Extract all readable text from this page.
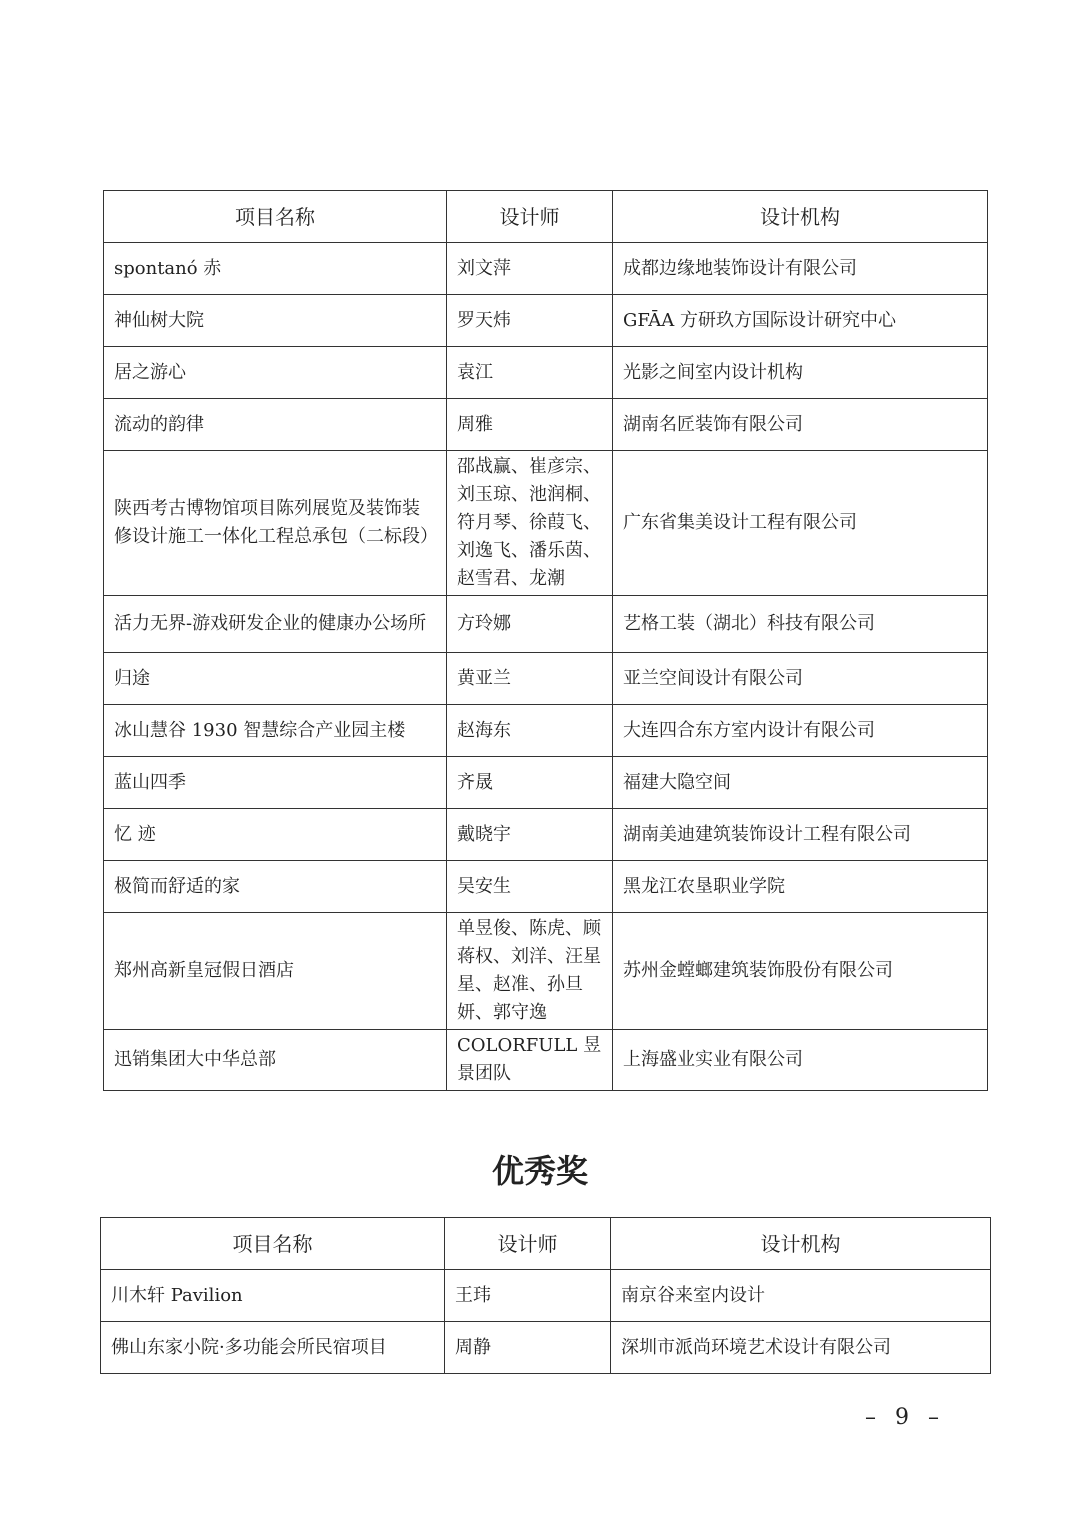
项目名称	设计师	设计机构
spontanó 赤	刘文萍	成都边缘地装饰设计有限公司
神仙树大院	罗天炜	GFĀA 方研玖方国际设计研究中心
居之游心	袁江	光影之间室内设计机构
流动的韵律	周雅	湖南名匠装饰有限公司
陕西考古博物馆项目陈列展览及装饰装修设计施工一体化工程总承包（二标段）	邵战赢、崔彦宗、刘玉琼、池润桐、符月琴、徐葭飞、刘逸飞、潘乐茵、赵雪君、龙潮	广东省集美设计工程有限公司
活力无界-游戏研发企业的健康办公场所	方玲娜	艺格工装（湖北）科技有限公司
归途	黄亚兰	亚兰空间设计有限公司
冰山慧谷 1930 智慧综合产业园主楼	赵海东	大连四合东方室内设计有限公司
蓝山四季	齐晟	福建大隐空间
忆 迹	戴晓宇	湖南美迪建筑装饰设计工程有限公司
极简而舒适的家	吴安生	黑龙江农垦职业学院
郑州高新皇冠假日酒店	单昱俊、陈虎、顾蒋权、刘洋、汪星星、赵准、孙旦妍、郭守逸	苏州金螳螂建筑装饰股份有限公司
迅销集团大中华总部	COLORFULL 昱景团队	上海盛业实业有限公司
优秀奖
项目名称	设计师	设计机构
川木轩 Pavilion	王玮	南京谷来室内设计
佛山东家小院·多功能会所民宿项目	周静	深圳市派尚环境艺术设计有限公司
– 9 –
